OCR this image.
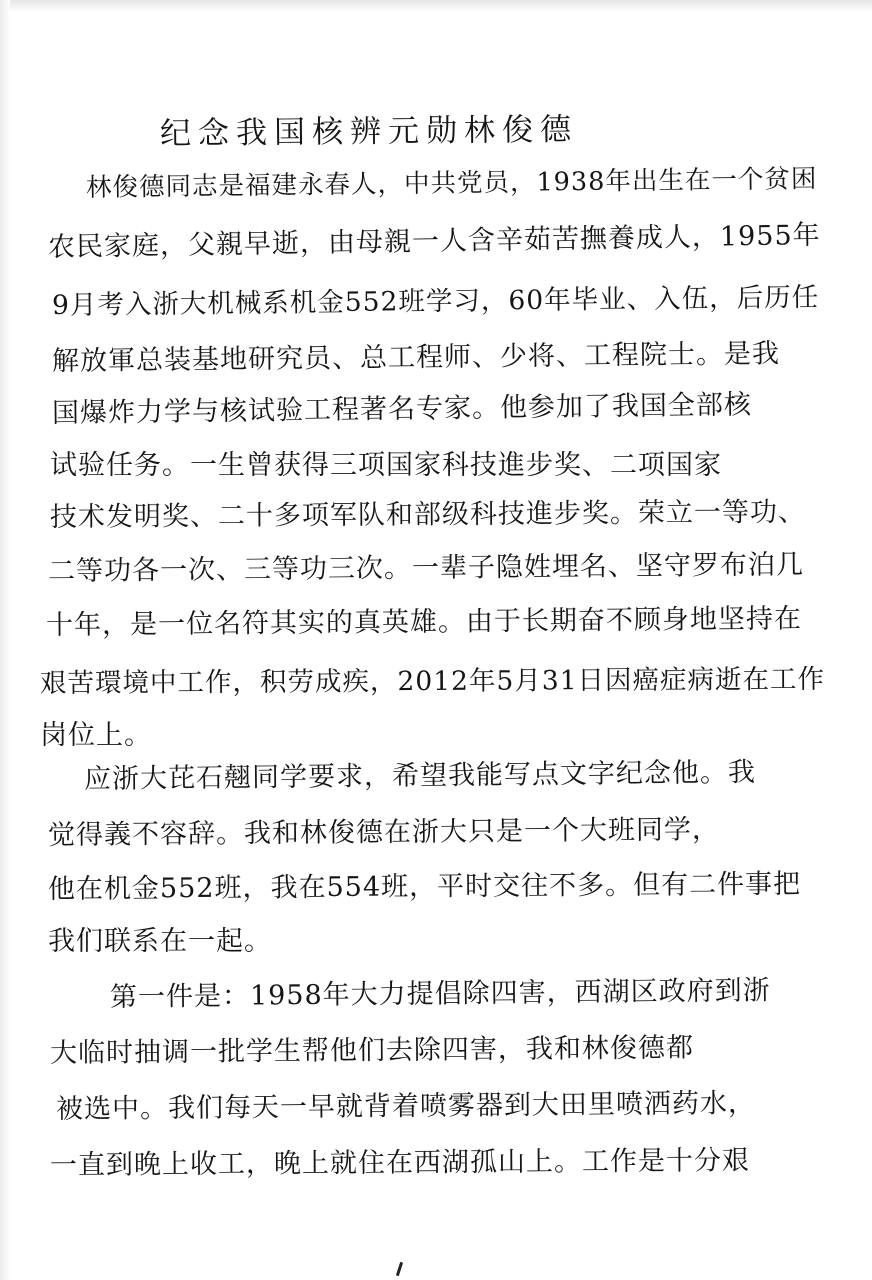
纪念我国核辨元勋林俊德
林俊德同志是福建永春人，中共党员，1938年出生在一个贫困
农民家庭，父親早逝，由母親一人含辛茹苦撫養成人，1955年
9月考入浙大机械系机金552班学习，60年毕业、入伍，后历任
解放軍总装基地研究员、总工程师、少将、工程院士。是我
国爆炸力学与核试验工程著名专家。他参加了我国全部核
试验任务。一生曾获得三项国家科技進步奖、二项国家
技术发明奖、二十多项军队和部级科技進步奖。荣立一等功、
二等功各一次、三等功三次。一辈子隐姓埋名、坚守罗布泊几
十年，是一位名符其实的真英雄。由于长期奋不顾身地坚持在
艰苦環境中工作，积劳成疾，2012年5月31日因癌症病逝在工作
岗位上。
应浙大芘石翹同学要求，希望我能写点文字纪念他。我
觉得義不容辞。我和林俊德在浙大只是一个大班同学，
他在机金552班，我在554班，平时交往不多。但有二件事把
我们联系在一起。
第一件是：1958年大力提倡除四害，西湖区政府到浙
大临时抽调一批学生帮他们去除四害，我和林俊德都
被选中。我们每天一早就背着喷雾器到大田里喷洒药水，
一直到晚上收工，晚上就住在西湖孤山上。工作是十分艰
